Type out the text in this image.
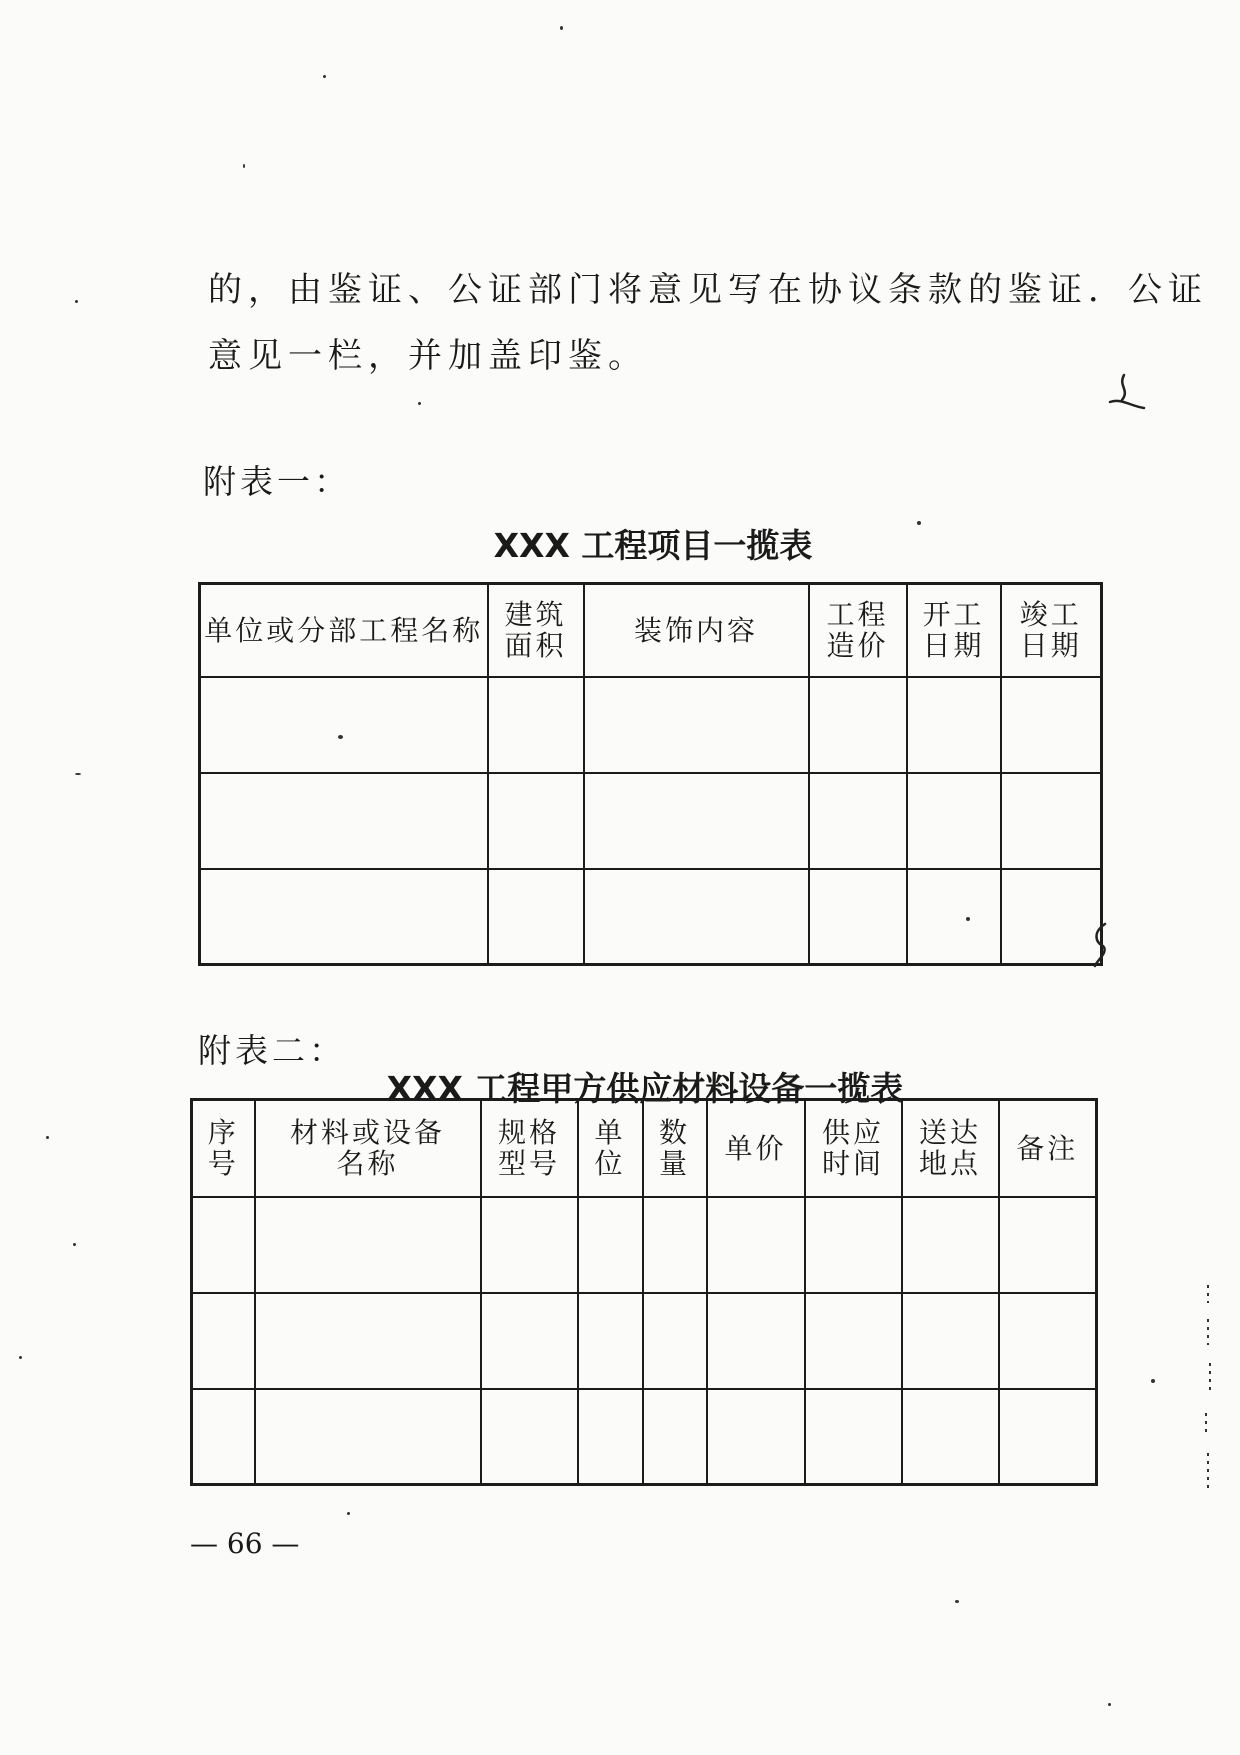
的，由鉴证、公证部门将意见写在协议条款的鉴证．公证
意见一栏，并加盖印鉴。
附表一：
XXX 工程项目一揽表
单位或分部工程名称	建筑面积	装饰内容	工程造价	开工日期	竣工日期

附表二：
XXX 工程甲方供应材料设备一揽表
序号	材料或设备名称	规格型号	单位	数量	单价	供应时间	送达地点	备注

— 66 —
